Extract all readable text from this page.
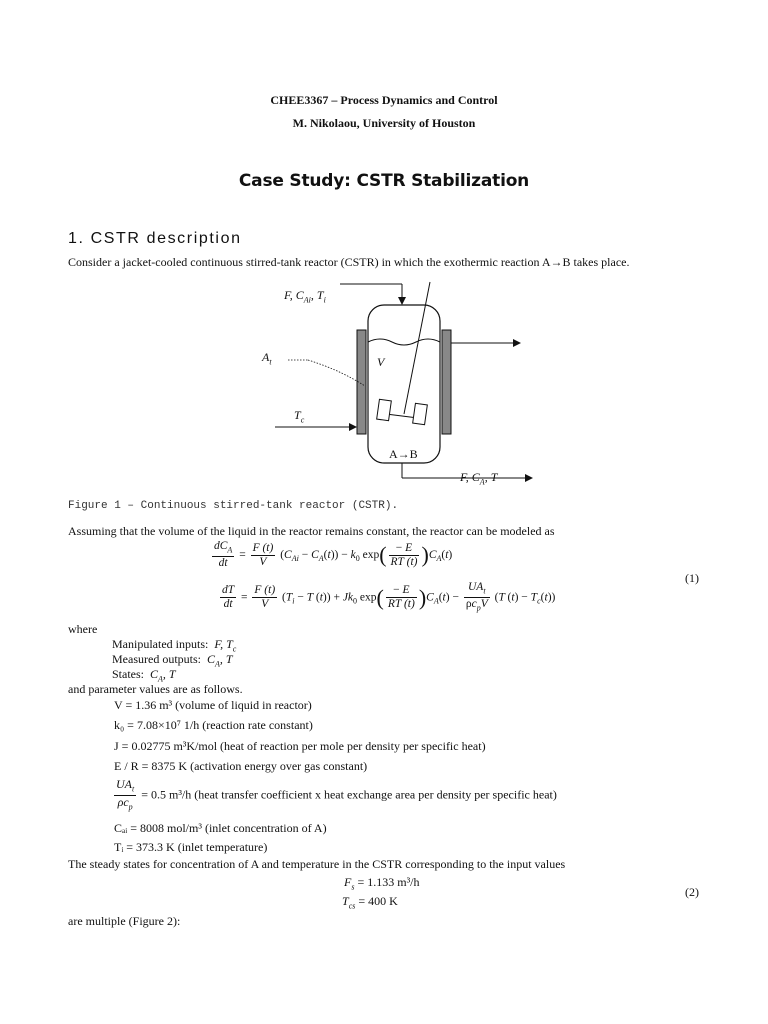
CHEE3367 – Process Dynamics and Control
M. Nikolaou, University of Houston
Case Study: CSTR Stabilization
1. CSTR description
Consider a jacket-cooled continuous stirred-tank reactor (CSTR) in which the exothermic reaction A→B takes place.
F, $C_{Ai}$, $T_i$
$A_t$	V
$T_c$
A→B
F, $C_A$, T
Figure 1 – Continuous stirred-tank reactor (CSTR).
Assuming that the volume of the liquid in the reactor remains constant, the reactor can be modeled as
$\frac{dC_A}{dt} = \frac{F (t)}{V} (C_{Ai} - C_A(t)) - k_0$ $\exp( \frac{- E}{RT (t)} )C_A(t)$
$\frac{dT}{dt} = \frac{F (t)}{V} (T_i - T$ $(t)) + Jk_0$ $\exp( \frac{- E}{RT (t)} )C_A(t) - \frac{UA_t}{\rho c_pV} (T$ $(t) - T_c(t)$)
(1)
where
Manipulated inputs: F, $T_c$
Measured outputs: $C_A$, T
States: $C_A$, T
and parameter values are as follows.
V = 1.36 m³ (volume of liquid in reactor)
k₀ = 7.08×10⁷ 1/h (reaction rate constant)
J = 0.02775 m³K/mol (heat of reaction per mole per density per specific heat)
E / R = 8375 K (activation energy over gas constant)
$\frac{UA_t}{\rho c_p} = 0.5$ m³/h (heat transfer coefficient x heat exchange area per density per specific heat)
Cₐᵢ = 8008 mol/m³ (inlet concentration of A)
Tᵢ = 373.3 K (inlet temperature)
The steady states for concentration of A and temperature in the CSTR corresponding to the input values
$F_s = 1.133$ m³/h
$T_{cs} = 400$ K
(2)
are multiple (Figure 2):
